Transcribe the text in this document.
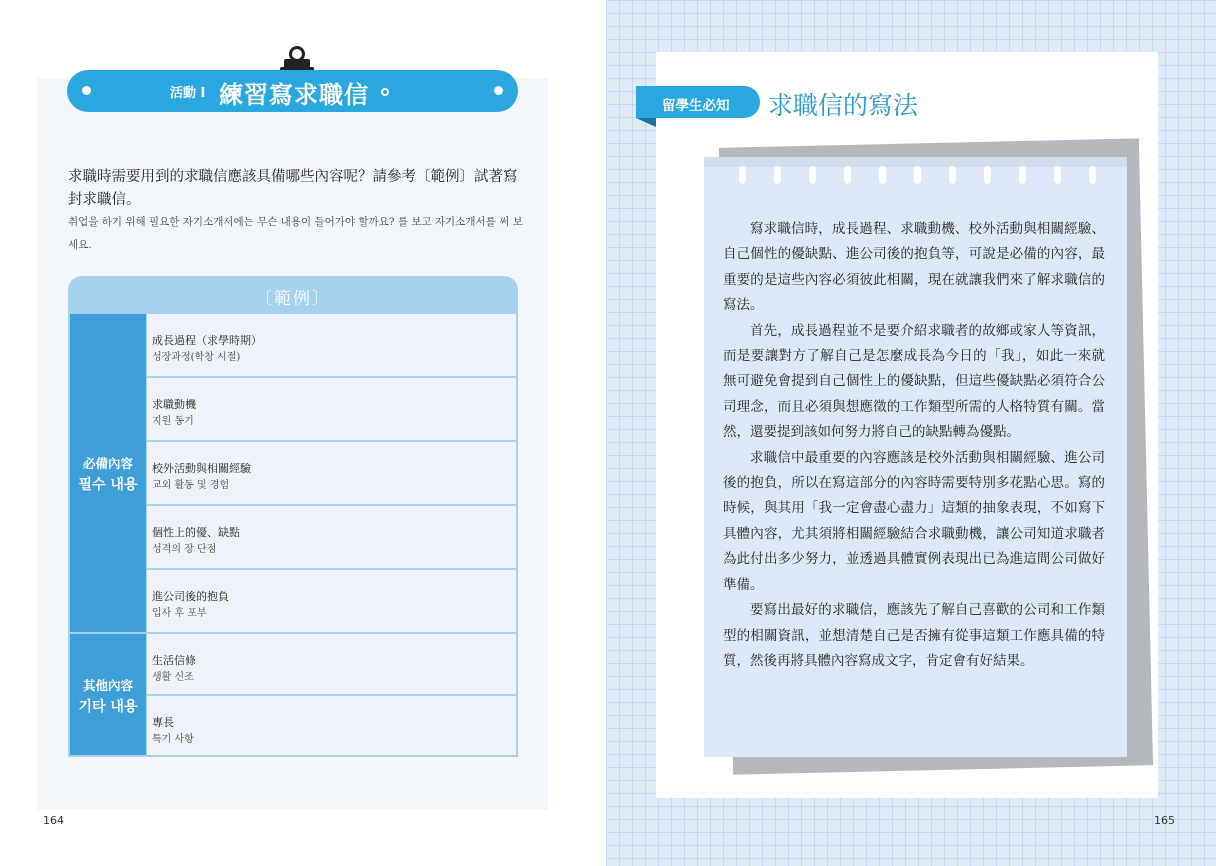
活動 I 練習寫求職信
求職時需要用到的求職信應該具備哪些內容呢？請參考〔範例〕試著寫封求職信。
취업을 하기 위해 필요한 자기소개서에는 무슨 내용이 들어가야 할까요? 를 보고 자기소개서를 써 보세요.
〔範例〕
必備內容
필수 내용
其他內容
기타 내용
成長過程（求學時期）
성장과정(학창 시절)
求職動機
지원 동기
校外活動與相關經驗
교외 활동 및 경험
個性上的優、缺點
성격의 장 단점
進公司後的抱負
입사 후 포부
生活信條
생활 신조
專長
특기 사항
164
留學生必知	求職信的寫法

寫求職信時，成長過程、求職動機、校外活動與相關經驗、自己個性的優缺點、進公司後的抱負等，可說是必備的內容，最重要的是這些內容必須彼此相關，現在就讓我們來了解求職信的寫法。

首先，成長過程並不是要介紹求職者的故鄉或家人等資訊，而是要讓對方了解自己是怎麼成長為今日的「我」，如此一來就無可避免會提到自己個性上的優缺點，但這些優缺點必須符合公司理念，而且必須與想應徵的工作類型所需的人格特質有關。當然，還要提到該如何努力將自己的缺點轉為優點。

求職信中最重要的內容應該是校外活動與相關經驗、進公司後的抱負，所以在寫這部分的內容時需要特別多花點心思。寫的時候，與其用「我一定會盡心盡力」這類的抽象表現，不如寫下具體內容，尤其須將相關經驗結合求職動機，讓公司知道求職者為此付出多少努力，並透過具體實例表現出已為進這間公司做好準備。

要寫出最好的求職信，應該先了解自己喜歡的公司和工作類型的相關資訊，並想清楚自己是否擁有從事這類工作應具備的特質，然後再將具體內容寫成文字，肯定會有好結果。

165
